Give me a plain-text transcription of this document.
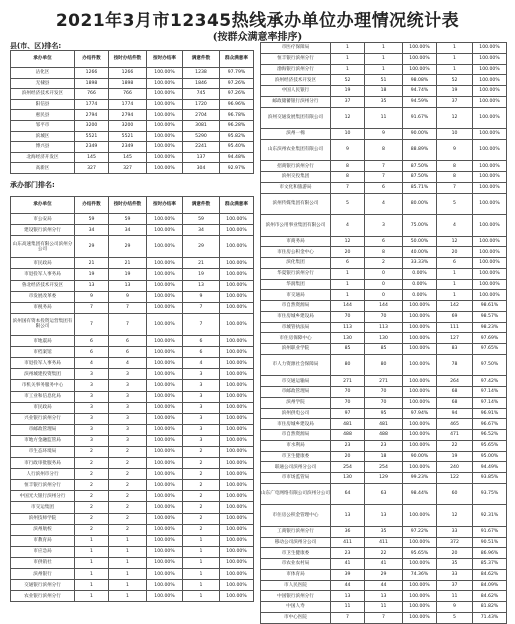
2021年3月市12345热线承办单位办理情况统计表
(按群众满意率排序)
县(市、区)排名:
承办单位	办结件数	按时办结件数	按时办结率	满意件数	群众满意率
沾化区	1266	1266	100.00%	1238	97.79%
无棣县	1898	1898	100.00%	1846	97.26%
滨州经济技术开发区	766	766	100.00%	745	97.26%
阳信县	1774	1774	100.00%	1720	96.96%
惠民县	2794	2794	100.00%	2704	96.78%
邹平市	3200	3200	100.00%	3081	96.28%
滨城区	5521	5521	100.00%	5290	95.82%
博兴县	2349	2349	100.00%	2241	95.40%
北海经济开发区	145	145	100.00%	137	94.48%
高新区	327	327	100.00%	304	92.97%
承办部门排名:
承办单位	办结件数	按时办结件数	按时办结率	满意件数	群众满意率
市公安局	59	59	100.00%	59	100.00%
建设银行滨州分行	34	34	100.00%	34	100.00%
山东高速集团有限公司滨州分公司	29	29	100.00%	29	100.00%
市民政局	21	21	100.00%	21	100.00%
市退役军人事务局	19	19	100.00%	19	100.00%
鲁北经济技术开发区	13	13	100.00%	13	100.00%
市发展改革委	9	9	100.00%	9	100.00%
市税务局	7	7	100.00%	7	100.00%
滨州国有资本投资运营集团有限公司	7	7	100.00%	7	100.00%
市地震局	6	6	100.00%	6	100.00%
市档案馆	6	6	100.00%	6	100.00%
市退役军人事务局	4	4	100.00%	4	100.00%
滨州城建投资集团	3	3	100.00%	3	100.00%
市机关事务服务中心	3	3	100.00%	3	100.00%
市工业和信息化局	3	3	100.00%	3	100.00%
市民政局	3	3	100.00%	3	100.00%
兴业银行滨州分行	3	3	100.00%	3	100.00%
市邮政管理局	3	3	100.00%	3	100.00%
市地方金融监管局	3	3	100.00%	3	100.00%
市生态环境局	2	2	100.00%	2	100.00%
市行政审批服务局	2	2	100.00%	2	100.00%
人行滨州市分行	2	2	100.00%	2	100.00%
恒丰银行滨州分行	2	2	100.00%	2	100.00%
中国光大银行滨州分行	2	2	100.00%	2	100.00%
市交运集团	2	2	100.00%	2	100.00%
滨州技师学院	2	2	100.00%	2	100.00%
滨州航校	2	2	100.00%	2	100.00%
市教育局	1	1	100.00%	1	100.00%
市应急局	1	1	100.00%	1	100.00%
市供销社	1	1	100.00%	1	100.00%
滨州银行	1	1	100.00%	1	100.00%
交通银行滨州分行	1	1	100.00%	1	100.00%
农业银行滨州分行	1	1	100.00%	1	100.00%
市医疗保障局	1	1	100.00%	1	100.00%
恒丰银行滨州分行	1	1	100.00%	1	100.00%
渤海银行滨州分行	1	1	100.00%	1	100.00%
滨州经济技术开发区	52	51	98.08%	52	100.00%
中国人民银行	19	18	94.74%	19	100.00%
邮政储蓄银行滨州分行	37	35	94.59%	37	100.00%
滨州交通发展集团有限公司	12	11	91.67%	12	100.00%
滨州一棉	10	9	90.00%	10	100.00%
山东滨州农业集团有限公司	9	8	88.89%	9	100.00%
招商银行滨州分行	8	7	87.50%	8	100.00%
滨州交投集团	8	7	87.50%	8	100.00%
市文化和旅游局	7	6	85.71%	7	100.00%
滨州传媒集团有限公司	5	4	80.00%	5	100.00%
滨州市公用事业集团有限公司	4	3	75.00%	4	100.00%
市商务局	12	6	50.00%	12	100.00%
市住房公积金中心	20	8	40.00%	20	100.00%
滨化集团	6	2	33.33%	6	100.00%
华夏银行滨州分行	1	0	0.00%	1	100.00%
华润集团	1	0	0.00%	1	100.00%
市交通局	1	0	0.00%	1	100.00%
市自然资源局	144	144	100.00%	142	98.61%
市住房城乡建设局	70	70	100.00%	69	98.57%
市城管执法局	113	113	100.00%	111	98.23%
市住房保障中心	130	130	100.00%	127	97.69%
滨州职业学院	85	85	100.00%	83	97.65%
市人力资源社会保障局	80	80	100.00%	78	97.50%
市交通运输局	271	271	100.00%	264	97.42%
市邮政管理局	70	70	100.00%	68	97.14%
滨州学院	70	70	100.00%	68	97.14%
滨州供电公司	97	95	97.94%	94	96.91%
市住房城乡建设局	481	481	100.00%	465	96.67%
市自然资源局	488	488	100.00%	471	96.52%
市水利局	23	23	100.00%	22	95.65%
市卫生健康委	20	18	90.00%	19	95.00%
联通公司滨州分公司	254	254	100.00%	240	94.49%
市市场监管局	130	129	99.23%	122	93.85%
山东广电网络有限公司滨州分公司	64	63	98.44%	60	93.75%
市住房公积金管理中心	13	13	100.00%	12	92.31%
工商银行滨州分行	36	35	97.22%	33	91.67%
移动公司滨州分公司	411	411	100.00%	372	90.51%
市卫生健康委	23	22	95.65%	20	86.96%
市农业农村局	41	41	100.00%	35	85.37%
市体育局	39	29	74.36%	33	84.62%
市人民医院	44	44	100.00%	37	84.09%
中国银行滨州分行	13	13	100.00%	11	84.62%
中国人寿	11	11	100.00%	9	81.82%
市中心医院	7	7	100.00%	5	71.43%
